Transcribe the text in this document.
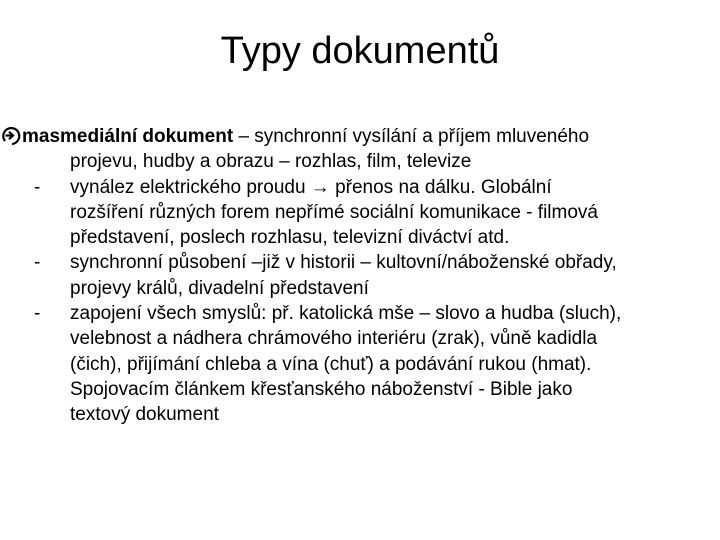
Typy dokumentů
masmediální dokument – synchronní vysílání a příjem mluveného
projevu, hudby a obrazu – rozhlas, film, televize
- vynález elektrického proudu → přenos na dálku. Globální
rozšíření různých forem nepřímé sociální komunikace - filmová
představení, poslech rozhlasu, televizní diváctví atd.
- synchronní působení –již v historii – kultovní/náboženské obřady,
projevy králů, divadelní představení
- zapojení všech smyslů: př. katolická mše – slovo a hudba (sluch),
velebnost a nádhera chrámového interiéru (zrak), vůně kadidla
(čich), přijímání chleba a vína (chuť) a podávání rukou (hmat).
Spojovacím článkem křesťanského náboženství - Bible jako
textový dokument
